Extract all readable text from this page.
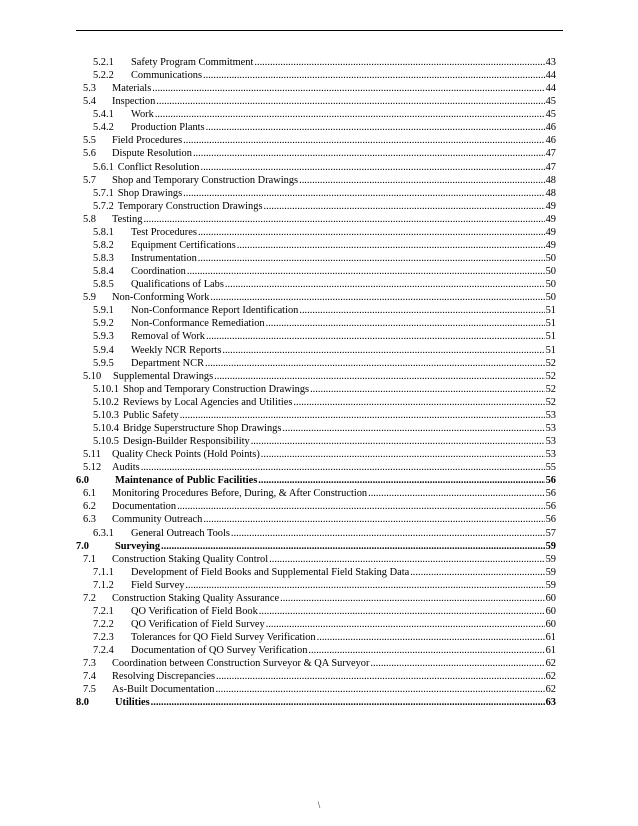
5.2.1	Safety Program Commitment .....	43
5.2.2	Communications .....	44
5.3	Materials .....	44
5.4	Inspection .....	45
5.4.1	Work .....	45
5.4.2	Production Plants .....	46
5.5	Field Procedures .....	46
5.6	Dispute Resolution .....	47
5.6.1 Conflict Resolution .....	47
5.7	Shop and Temporary Construction Drawings .....	48
5.7.1 Shop Drawings .....	48
5.7.2 Temporary Construction Drawings .....	49
5.8	Testing .....	49
5.8.1	Test Procedures .....	49
5.8.2	Equipment Certifications .....	49
5.8.3	Instrumentation .....	50
5.8.4	Coordination .....	50
5.8.5	Qualifications of Labs .....	50
5.9	Non-Conforming Work .....	50
5.9.1	Non-Conformance Report Identification .....	51
5.9.2	Non-Conformance Remediation .....	51
5.9.3	Removal of Work .....	51
5.9.4	Weekly NCR Reports .....	51
5.9.5	Department NCR .....	52
5.10	Supplemental Drawings .....	52
5.10.1 Shop and Temporary Construction Drawings .....	52
5.10.2 Reviews by Local Agencies and Utilities .....	52
5.10.3 Public Safety .....	53
5.10.4 Bridge Superstructure Shop Drawings .....	53
5.10.5 Design-Builder Responsibility .....	53
5.11	Quality Check Points (Hold Points) .....	53
5.12	Audits .....	55
6.0	Maintenance of Public Facilities .....	56
6.1	Monitoring Procedures Before, During, & After Construction .....	56
6.2	Documentation .....	56
6.3	Community Outreach .....	56
6.3.1	General Outreach Tools .....	57
7.0	Surveying .....	59
7.1	Construction Staking Quality Control .....	59
7.1.1	Development of Field Books and Supplemental Field Staking Data .....	59
7.1.2	Field Survey .....	59
7.2	Construction Staking Quality Assurance .....	60
7.2.1	QO Verification of Field Book .....	60
7.2.2	QO Verification of Field Survey .....	60
7.2.3	Tolerances for QO Field Survey Verification .....	61
7.2.4	Documentation of QO Survey Verification .....	61
7.3	Coordination between Construction Surveyor & QA Surveyor .....	62
7.4	Resolving Discrepancies .....	62
7.5	As-Built Documentation .....	62
8.0	Utilities .....	63
\
